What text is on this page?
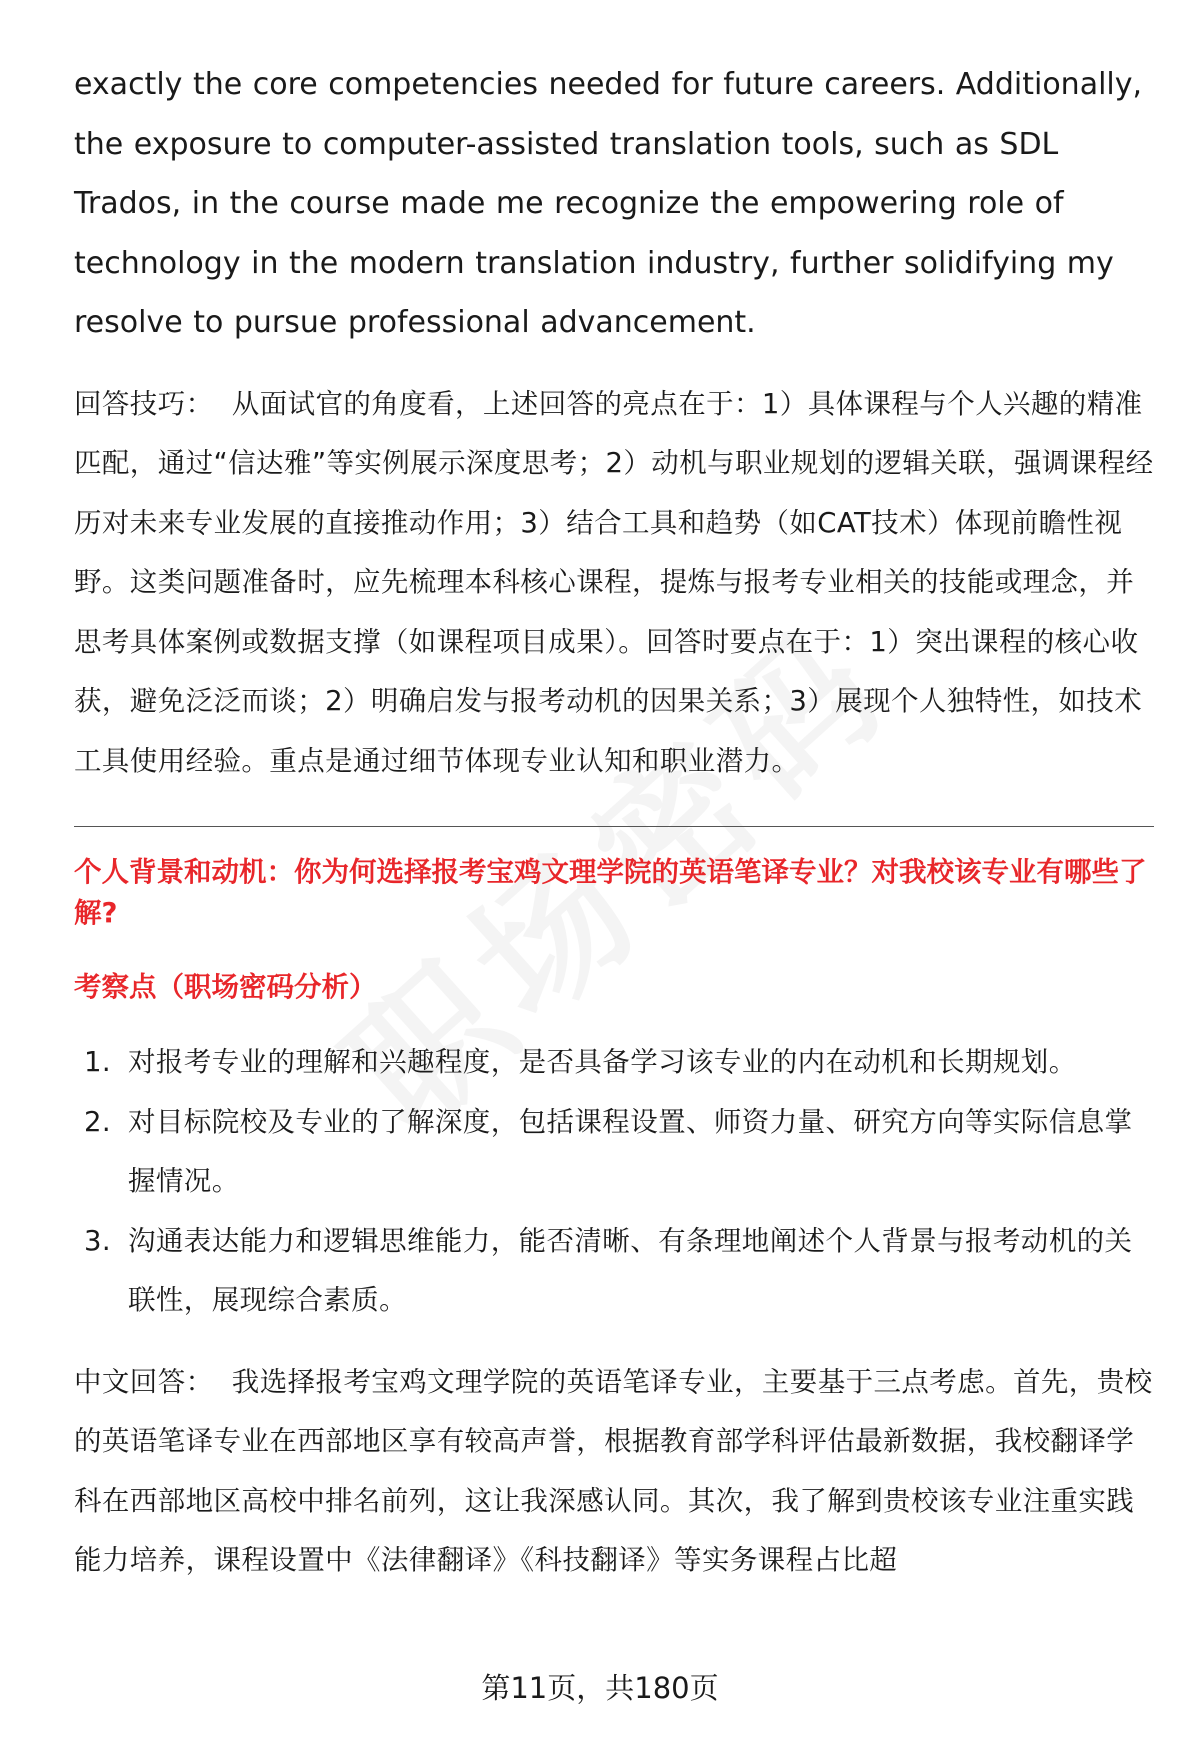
exactly the core competencies needed for future careers. Additionally, the exposure to computer-assisted translation tools, such as SDL Trados, in the course made me recognize the empowering role of technology in the modern translation industry, further solidifying my resolve to pursue professional advancement.

回答技巧： 从面试官的角度看，上述回答的亮点在于：1）具体课程与个人兴趣的精准匹配，通过“信达雅”等实例展示深度思考；2）动机与职业规划的逻辑关联，强调课程经历对未来专业发展的直接推动作用；3）结合工具和趋势（如CAT技术）体现前瞻性视野。这类问题准备时，应先梳理本科核心课程，提炼与报考专业相关的技能或理念，并思考具体案例或数据支撑（如课程项目成果）。回答时要点在于：1）突出课程的核心收获，避免泛泛而谈；2）明确启发与报考动机的因果关系；3）展现个人独特性，如技术工具使用经验。重点是通过细节体现专业认知和职业潜力。

个人背景和动机：你为何选择报考宝鸡文理学院的英语笔译专业？对我校该专业有哪些了解?

考察点（职场密码分析）

1. 对报考专业的理解和兴趣程度，是否具备学习该专业的内在动机和长期规划。
2. 对目标院校及专业的了解深度，包括课程设置、师资力量、研究方向等实际信息掌握情况。
3. 沟通表达能力和逻辑思维能力，能否清晰、有条理地阐述个人背景与报考动机的关联性，展现综合素质。

中文回答： 我选择报考宝鸡文理学院的英语笔译专业，主要基于三点考虑。首先，贵校的英语笔译专业在西部地区享有较高声誉，根据教育部学科评估最新数据，我校翻译学科在西部地区高校中排名前列，这让我深感认同。其次，我了解到贵校该专业注重实践能力培养，课程设置中《法律翻译》《科技翻译》等实务课程占比超

第11页，共180页
